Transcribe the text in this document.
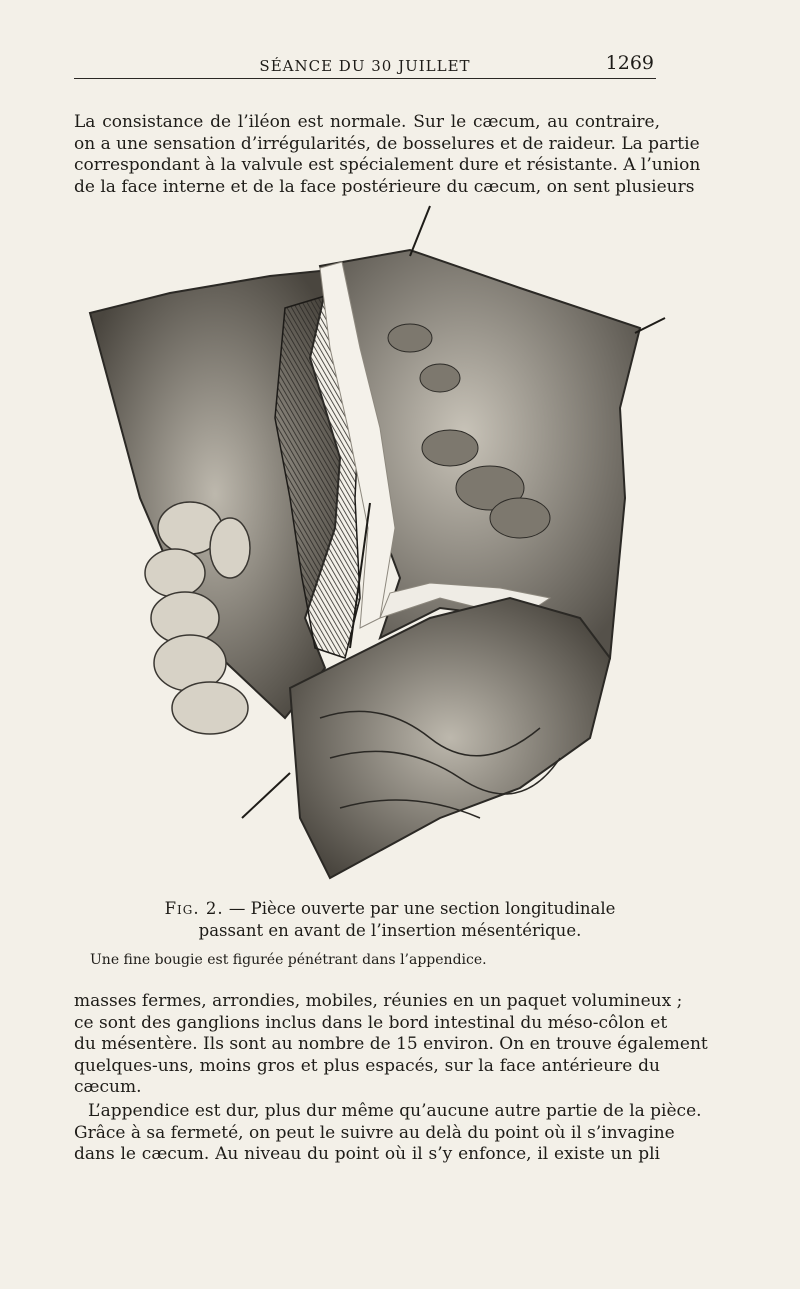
SÉANCE DU 30 JUILLET	1269
La consistance de l’iléon est normale. Sur le cæcum, au contraire,
on a une sensation d’irrégularités, de bosselures et de raideur. La partie
correspondant à la valvule est spécialement dure et résistante. A l’union
de la face interne et de la face postérieure du cæcum, on sent plusieurs
Fig. 2. — Pièce ouverte par une section longitudinale
passant en avant de l’insertion mésentérique.
Une fine bougie est figurée pénétrant dans l’appendice.
masses fermes, arrondies, mobiles, réunies en un paquet volumineux ;
ce sont des ganglions inclus dans le bord intestinal du méso-côlon et
du mésentère. Ils sont au nombre de 15 environ. On en trouve également
quelques-uns, moins gros et plus espacés, sur la face antérieure du
cæcum.
L’appendice est dur, plus dur même qu’aucune autre partie de la pièce.
Grâce à sa fermeté, on peut le suivre au delà du point où il s’invagine
dans le cæcum. Au niveau du point où il s’y enfonce, il existe un pli
